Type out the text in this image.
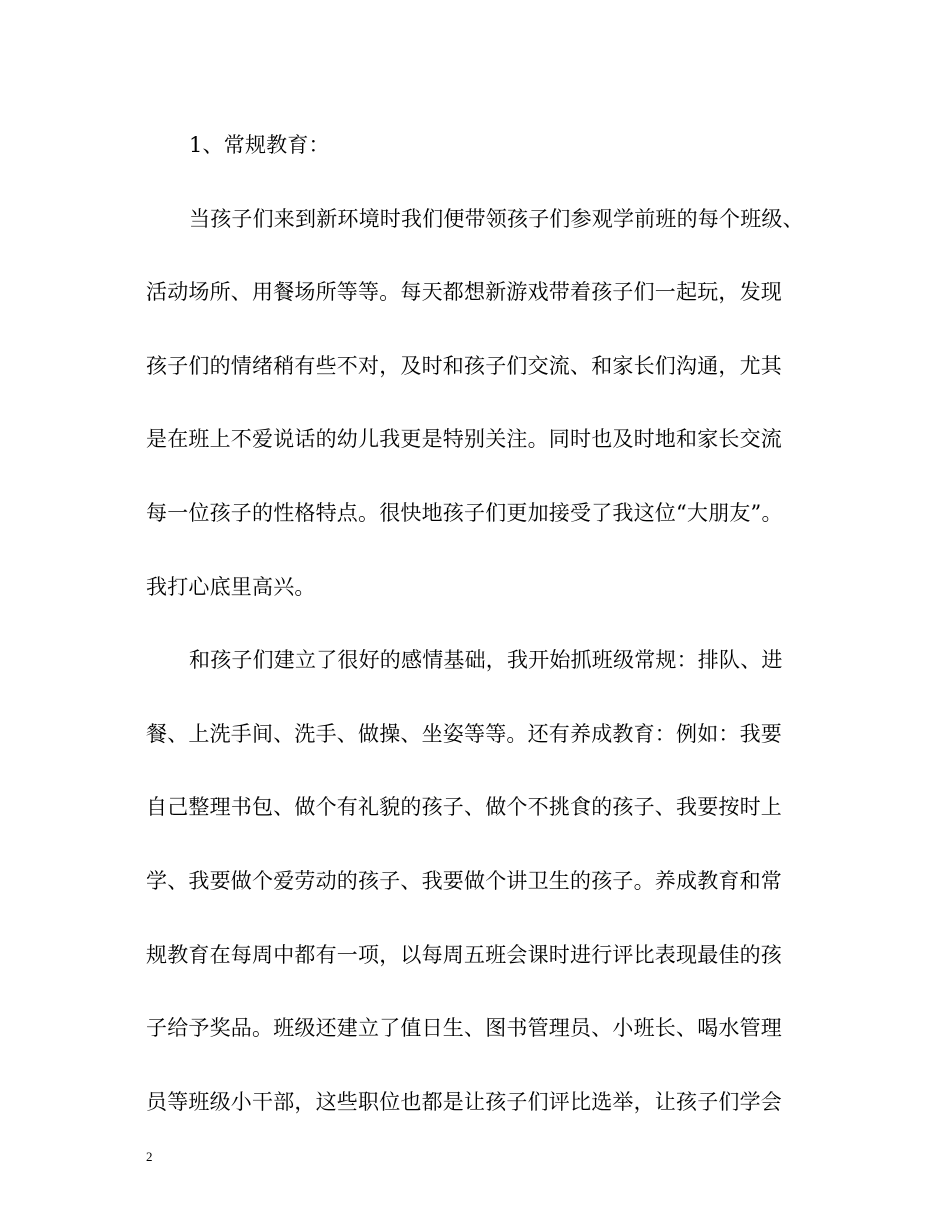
1、常规教育：
当孩子们来到新环境时我们便带领孩子们参观学前班的每个班级、
活动场所、用餐场所等等。每天都想新游戏带着孩子们一起玩，发现
孩子们的情绪稍有些不对，及时和孩子们交流、和家长们沟通，尤其
是在班上不爱说话的幼儿我更是特别关注。同时也及时地和家长交流
每一位孩子的性格特点。很快地孩子们更加接受了我这位“大朋友”。
我打心底里高兴。
和孩子们建立了很好的感情基础，我开始抓班级常规：排队、进
餐、上洗手间、洗手、做操、坐姿等等。还有养成教育：例如：我要
自己整理书包、做个有礼貌的孩子、做个不挑食的孩子、我要按时上
学、我要做个爱劳动的孩子、我要做个讲卫生的孩子。养成教育和常
规教育在每周中都有一项，以每周五班会课时进行评比表现最佳的孩
子给予奖品。班级还建立了值日生、图书管理员、小班长、喝水管理
员等班级小干部，这些职位也都是让孩子们评比选举，让孩子们学会
2
